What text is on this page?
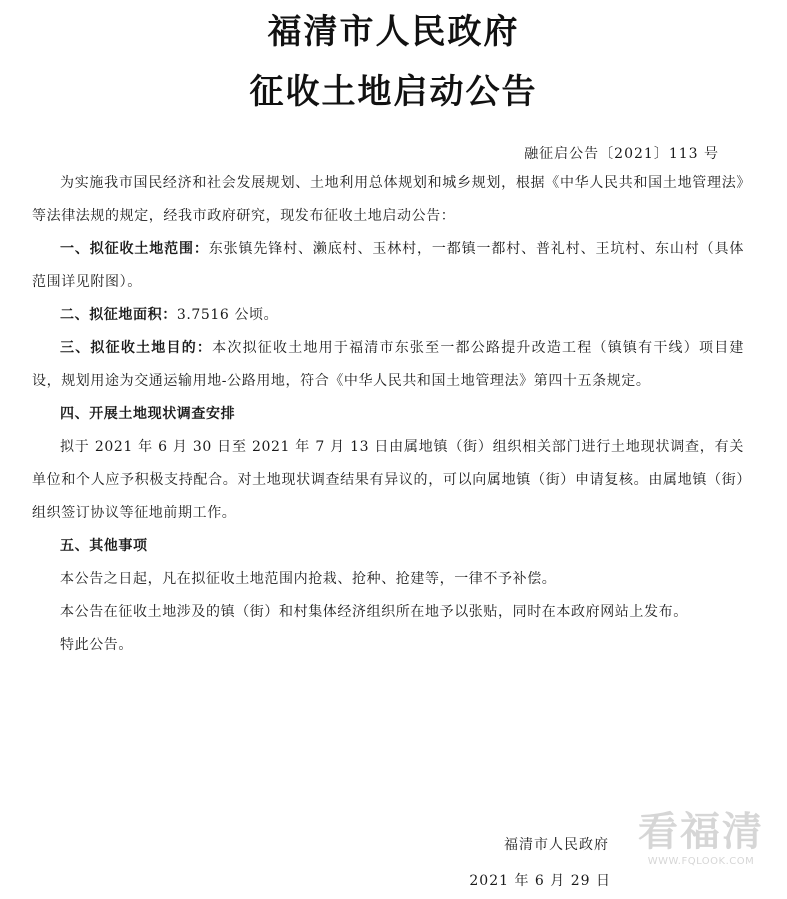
福清市人民政府
征收土地启动公告
融征启公告〔2021〕113 号

为实施我市国民经济和社会发展规划、土地利用总体规划和城乡规划，根据《中华人民共和国土地管理法》等法律法规的规定，经我市政府研究，现发布征收土地启动公告：

一、拟征收土地范围：东张镇先锋村、濑底村、玉林村，一都镇一都村、普礼村、王坑村、东山村（具体范围详见附图）。

二、拟征地面积：3.7516 公顷。

三、拟征收土地目的：本次拟征收土地用于福清市东张至一都公路提升改造工程（镇镇有干线）项目建设，规划用途为交通运输用地-公路用地，符合《中华人民共和国土地管理法》第四十五条规定。

四、开展土地现状调查安排

拟于 2021 年 6 月 30 日至 2021 年 7 月 13 日由属地镇（街）组织相关部门进行土地现状调查，有关单位和个人应予积极支持配合。对土地现状调查结果有异议的，可以向属地镇（街）申请复核。由属地镇（街）组织签订协议等征地前期工作。

五、其他事项

本公告之日起，凡在拟征收土地范围内抢栽、抢种、抢建等，一律不予补偿。

本公告在征收土地涉及的镇（街）和村集体经济组织所在地予以张贴，同时在本政府网站上发布。

特此公告。

福清市人民政府
2021 年 6 月 29 日
看福清
WWW.FQLOOK.COM
